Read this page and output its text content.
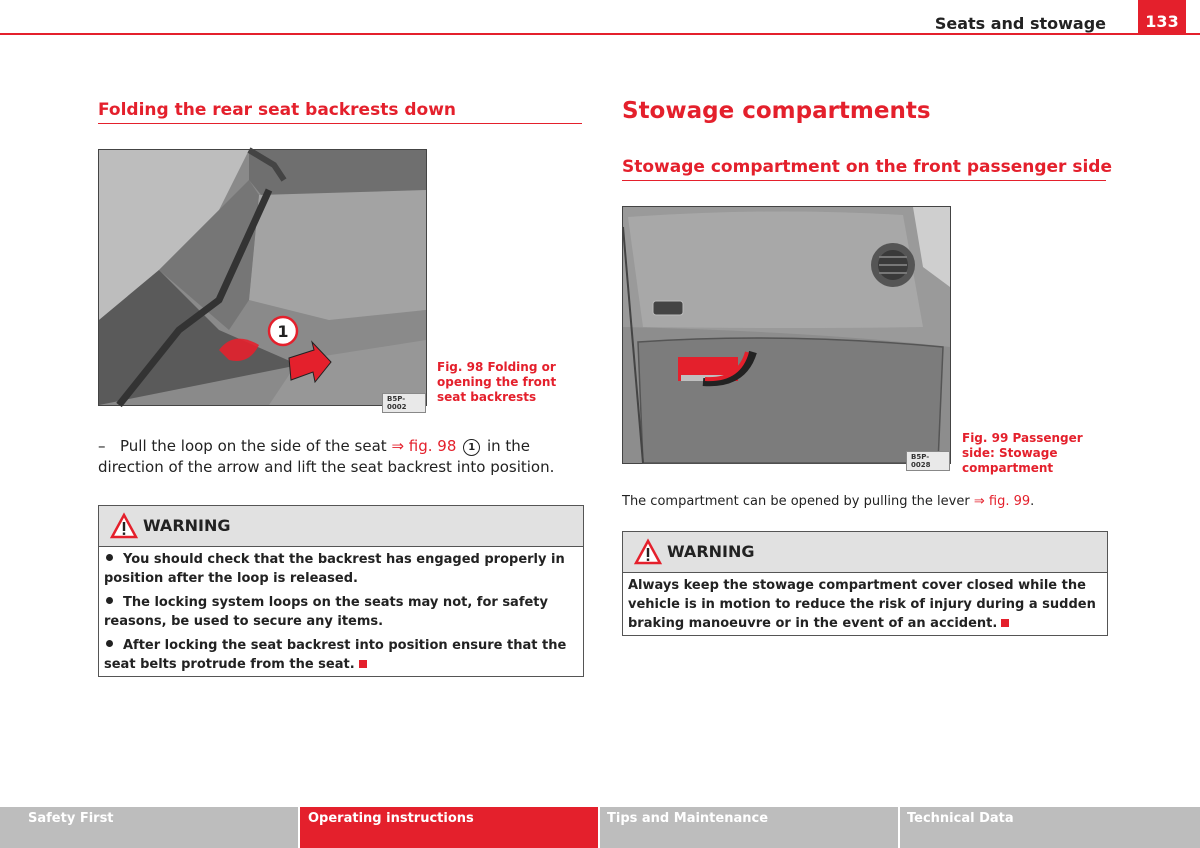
Seats and stowage	133
Folding the rear seat backrests down
1
B5P-0002
Fig. 98 Folding or opening the front seat backrests
– Pull the loop on the side of the seat ⇒ fig. 98 1 in the direction of the arrow and lift the seat backrest into position.
WARNING
You should check that the backrest has engaged properly in position after the loop is released.
The locking system loops on the seats may not, for safety reasons, be used to secure any items.
After locking the seat backrest into position ensure that the seat belts protrude from the seat.
Stowage compartments
Stowage compartment on the front passenger side
B5P-0028
Fig. 99 Passenger side: Stowage compartment
The compartment can be opened by pulling the lever ⇒ fig. 99.
WARNING
Always keep the stowage compartment cover closed while the vehicle is in motion to reduce the risk of injury during a sudden braking manoeuvre or in the event of an accident.
Safety First	Operating instructions	Tips and Maintenance	Technical Data
